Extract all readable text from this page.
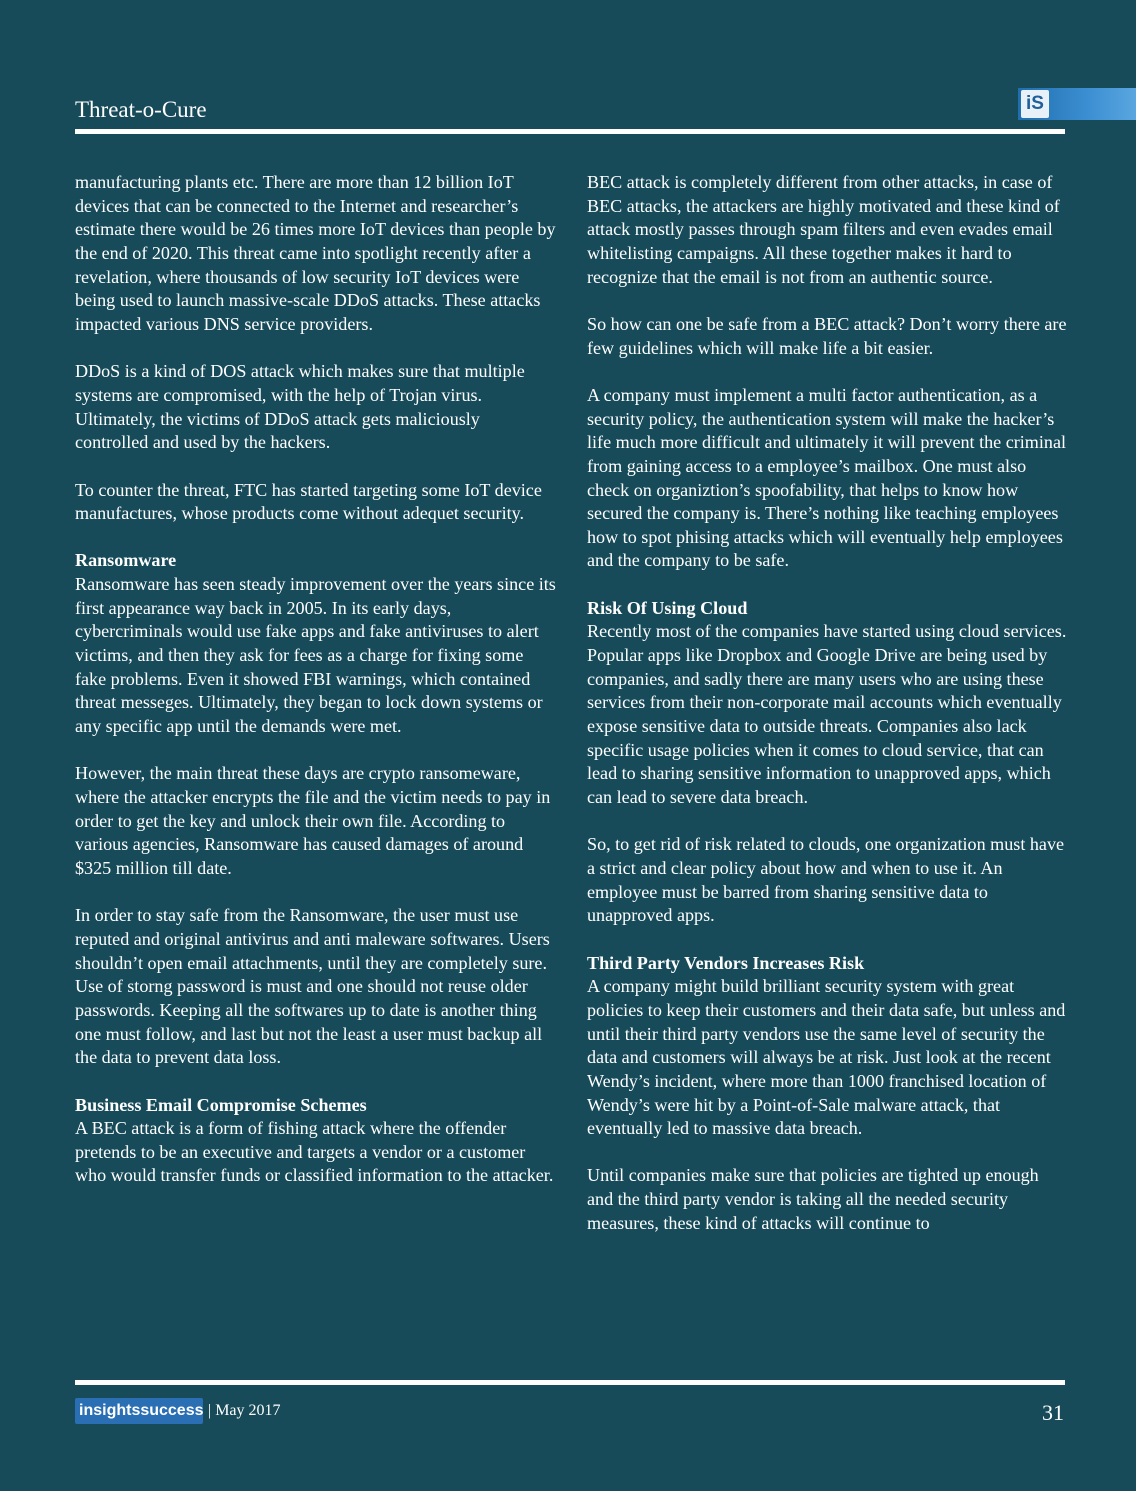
Threat-o-Cure	iS

manufacturing plants etc. There are more than 12 billion IoT devices that can be connected to the Internet and researcher’s estimate there would be 26 times more IoT devices than people by the end of 2020. This threat came into spotlight recently after a revelation, where thousands of low security IoT devices were being used to launch massive-scale DDoS attacks. These attacks impacted various DNS service providers.

DDoS is a kind of DOS attack which makes sure that multiple systems are compromised, with the help of Trojan virus. Ultimately, the victims of DDoS attack gets maliciously controlled and used by the hackers.

To counter the threat, FTC has started targeting some IoT device manufactures, whose products come without adequet security.

Ransomware

Ransomware has seen steady improvement over the years since its first appearance way back in 2005. In its early days, cybercriminals would use fake apps and fake antiviruses to alert victims, and then they ask for fees as a charge for fixing some fake problems. Even it showed FBI warnings, which contained threat messeges. Ultimately, they began to lock down systems or any specific app until the demands were met.

However, the main threat these days are crypto ransomeware, where the attacker encrypts the file and the victim needs to pay in order to get the key and unlock their own file. According to various agencies, Ransomware has caused damages of around $325 million till date.

In order to stay safe from the Ransomware, the user must use reputed and original antivirus and anti maleware softwares. Users shouldn’t open email attachments, until they are completely sure. Use of storng password is must and one should not reuse older passwords. Keeping all the softwares up to date is another thing one must follow, and last but not the least a user must backup all the data to prevent data loss.

Business Email Compromise Schemes

A BEC attack is a form of fishing attack where the offender pretends to be an executive and targets a vendor or a customer who would transfer funds or classified information to the attacker.

BEC attack is completely different from other attacks, in case of BEC attacks, the attackers are highly motivated and these kind of attack mostly passes through spam filters and even evades email whitelisting campaigns. All these together makes it hard to recognize that the email is not from an authentic source.

So how can one be safe from a BEC attack? Don’t worry there are few guidelines which will make life a bit easier.

A company must implement a multi factor authentication, as a security policy, the authentication system will make the hacker’s life much more difficult and ultimately it will prevent the criminal from gaining access to a employee’s mailbox. One must also check on organiztion’s spoofability, that helps to know how secured the company is. There’s nothing like teaching employees how to spot phising attacks which will eventually help employees and the company to be safe.

Risk Of Using Cloud

Recently most of the companies have started using cloud services. Popular apps like Dropbox and Google Drive are being used by companies, and sadly there are many users who are using these services from their non-corporate mail accounts which eventually expose sensitive data to outside threats. Companies also lack specific usage policies when it comes to cloud service, that can lead to sharing sensitive information to unapproved apps, which can lead to severe data breach.

So, to get rid of risk related to clouds, one organization must have a strict and clear policy about how and when to use it. An employee must be barred from sharing sensitive data to unapproved apps.

Third Party Vendors Increases Risk

A company might build brilliant security system with great policies to keep their customers and their data safe, but unless and until their third party vendors use the same level of security the data and customers will always be at risk. Just look at the recent Wendy’s incident, where more than 1000 franchised location of Wendy’s were hit by a Point-of-Sale malware attack, that eventually led to massive data breach.

Until companies make sure that policies are tighted up enough and the third party vendor is taking all the needed security measures, these kind of attacks will continue to

insightssuccess | May 2017	31
